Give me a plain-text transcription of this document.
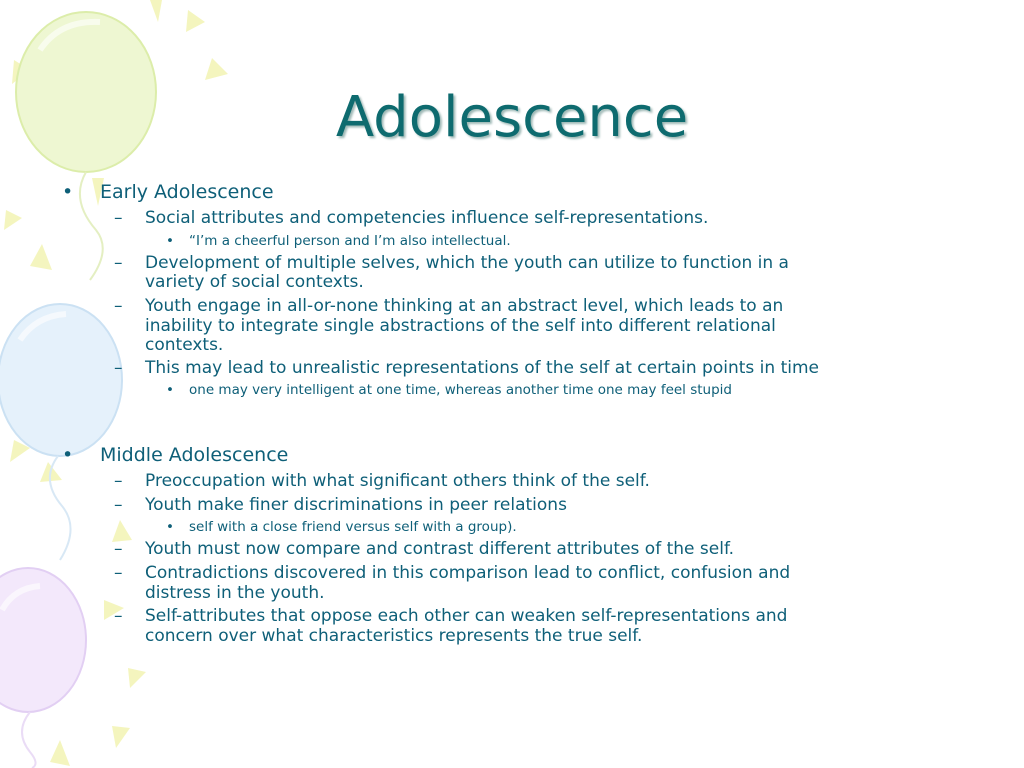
Adolescence
• Early Adolescence
– Social attributes and competencies influence self-representations.
• “I’m a cheerful person and I’m also intellectual.
– Development of multiple selves, which the youth can utilize to function in a
variety of social contexts.
– Youth engage in all-or-none thinking at an abstract level, which leads to an
inability to integrate single abstractions of the self into different relational
contexts.
– This may lead to unrealistic representations of the self at certain points in time
• one may very intelligent at one time, whereas another time one may feel stupid
• Middle Adolescence
– Preoccupation with what significant others think of the self.
– Youth make finer discriminations in peer relations
• self with a close friend versus self with a group).
– Youth must now compare and contrast different attributes of the self.
– Contradictions discovered in this comparison lead to conflict, confusion and
distress in the youth.
– Self-attributes that oppose each other can weaken self-representations and
concern over what characteristics represents the true self.
